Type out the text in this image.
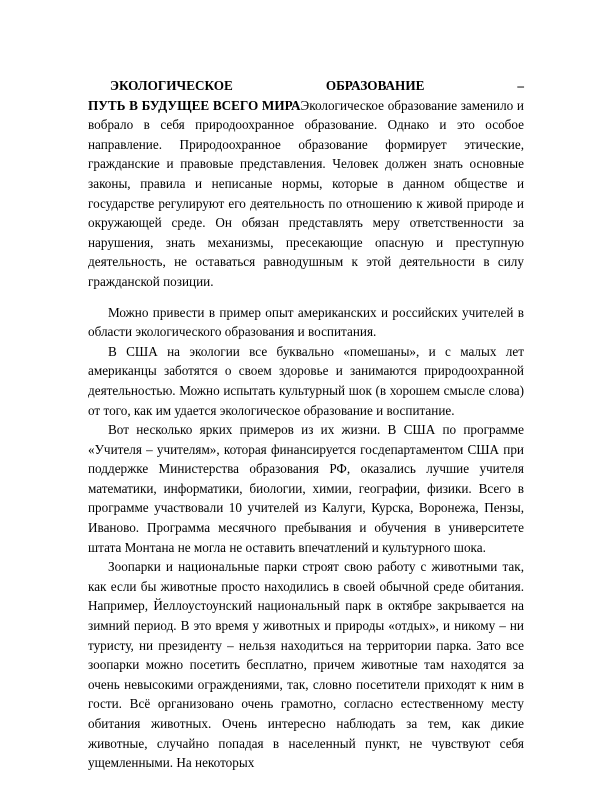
ЭКОЛОГИЧЕСКОЕ	ОБРАЗОВАНИЕ	–

ПУТЬ В БУДУЩЕЕ ВСЕГО МИРАЭкологическое образование заменило и вобрало в себя природоохранное образование. Однако и это особое направление. Природоохранное образование формирует этические, гражданские и правовые представления. Человек должен знать основные законы, правила и неписаные нормы, которые в данном обществе и государстве регулируют его деятельность по отношению к живой природе и окружающей среде. Он обязан представлять меру ответственности за нарушения, знать механизмы, пресекающие опасную и преступную деятельность, не оставаться равнодушным к этой деятельности в силу гражданской позиции.

Можно привести в пример опыт американских и российских учителей в области экологического образования и воспитания.

В США на экологии все буквально «помешаны», и с малых лет американцы заботятся о своем здоровье и занимаются природоохранной деятельностью. Можно испытать культурный шок (в хорошем смысле слова) от того, как им удается экологическое образование и воспитание.

Вот несколько ярких примеров из их жизни. В США по программе «Учителя – учителям», которая финансируется госдепартаментом США при поддержке Министерства образования РФ, оказались лучшие учителя математики, информатики, биологии, химии, географии, физики. Всего в программе участвовали 10 учителей из Калуги, Курска, Воронежа, Пензы, Иваново. Программа месячного пребывания и обучения в университете штата Монтана не могла не оставить впечатлений и культурного шока.

Зоопарки и национальные парки строят свою работу с животными так, как если бы животные просто находились в своей обычной среде обитания. Например, Йеллоустоунский национальный парк в октябре закрывается на зимний период. В это время у животных и природы «отдых», и никому – ни туристу, ни президенту – нельзя находиться на территории парка. Зато все зоопарки можно посетить бесплатно, причем животные там находятся за очень невысокими ограждениями, так, словно посетители приходят к ним в гости. Всё организовано очень грамотно, согласно естественному месту обитания животных. Очень интересно наблюдать за тем, как дикие животные, случайно попадая в населенный пункт, не чувствуют себя ущемленными. На некоторых
